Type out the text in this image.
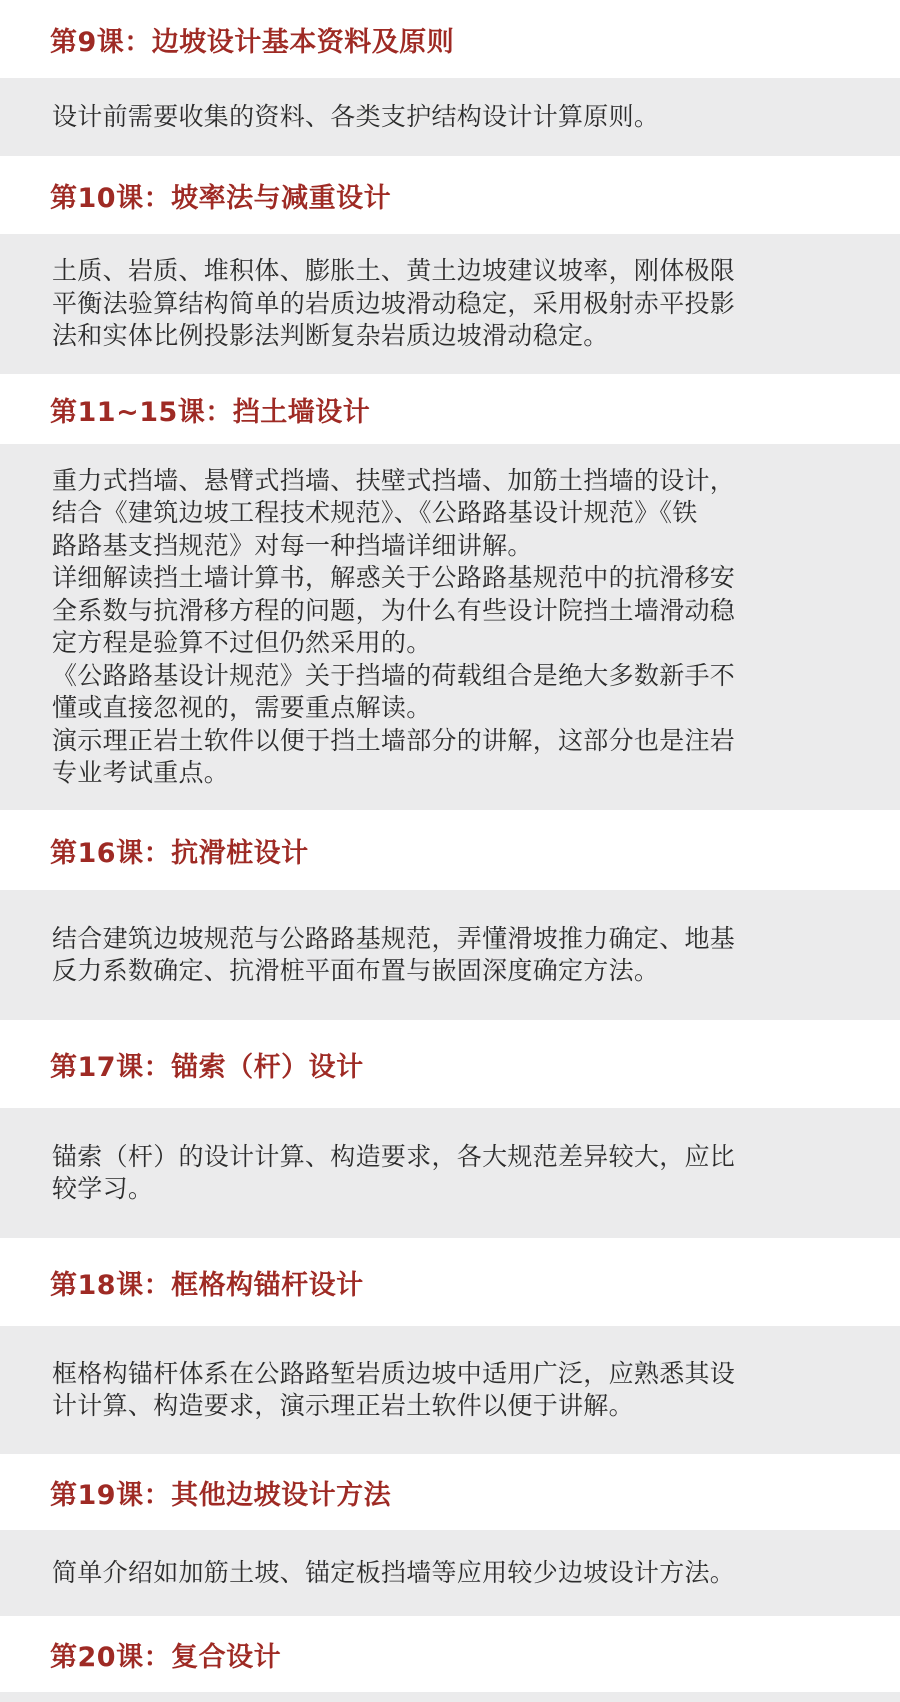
第9课：边坡设计基本资料及原则
设计前需要收集的资料、各类支护结构设计计算原则。
第10课：坡率法与减重设计
土质、岩质、堆积体、膨胀土、黄土边坡建议坡率，刚体极限
平衡法验算结构简单的岩质边坡滑动稳定，采用极射赤平投影
法和实体比例投影法判断复杂岩质边坡滑动稳定。
第11~15课：挡土墙设计
重力式挡墙、悬臂式挡墙、扶壁式挡墙、加筋土挡墙的设计，
结合《建筑边坡工程技术规范》、《公路路基设计规范》《铁
路路基支挡规范》对每一种挡墙详细讲解。
详细解读挡土墙计算书，解惑关于公路路基规范中的抗滑移安
全系数与抗滑移方程的问题，为什么有些设计院挡土墙滑动稳
定方程是验算不过但仍然采用的。
《公路路基设计规范》关于挡墙的荷载组合是绝大多数新手不
懂或直接忽视的，需要重点解读。
演示理正岩土软件以便于挡土墙部分的讲解，这部分也是注岩
专业考试重点。
第16课：抗滑桩设计
结合建筑边坡规范与公路路基规范，弄懂滑坡推力确定、地基
反力系数确定、抗滑桩平面布置与嵌固深度确定方法。
第17课：锚索（杆）设计
锚索（杆）的设计计算、构造要求，各大规范差异较大，应比
较学习。
第18课：框格构锚杆设计
框格构锚杆体系在公路路堑岩质边坡中适用广泛，应熟悉其设
计计算、构造要求，演示理正岩土软件以便于讲解。
第19课：其他边坡设计方法
简单介绍如加筋土坡、锚定板挡墙等应用较少边坡设计方法。
第20课：复合设计
